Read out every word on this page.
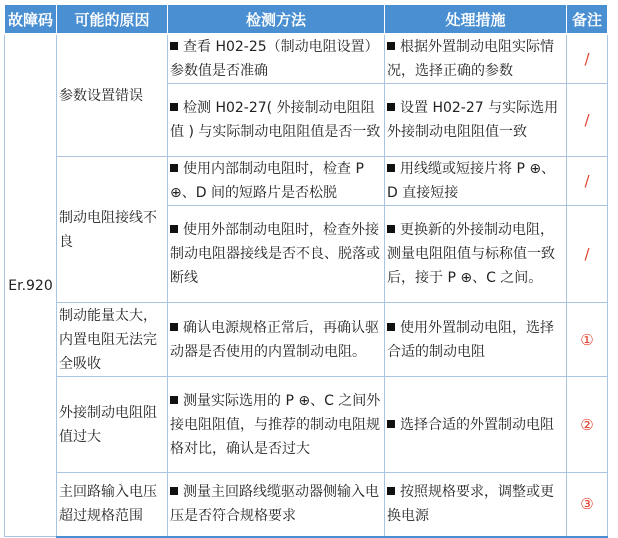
故障码	可能的原因	检测方法	处理措施	备注
Er.920	参数设置错误	查看 H02-25（制动电阻设置）参数值是否准确	根据外置制动电阻实际情况，选择正确的参数	/
		检测 H02-27( 外接制动电阻阻值 ) 与实际制动电阻阻值是否一致	设置 H02-27 与实际选用外接制动电阻阻值一致	/
	制动电阻接线不良	使用内部制动电阻时，检查 P ⊕、D 间的短路片是否松脱	用线缆或短接片将 P ⊕、D 直接短接	/
		使用外部制动电阻时，检查外接制动电阻器接线是否不良、脱落或断线	更换新的外接制动电阻，测量电阻阻值与标称值一致后，接于 P ⊕、C 之间。	/
	制动能量太大，内置电阻无法完全吸收	确认电源规格正常后，再确认驱动器是否使用的内置制动电阻。	使用外置制动电阻，选择合适的制动电阻	①
	外接制动电阻阻值过大	测量实际选用的 P ⊕、C 之间外接电阻阻值，与推荐的制动电阻规格对比，确认是否过大	选择合适的外置制动电阻	②
	主回路输入电压超过规格范围	测量主回路线缆驱动器侧输入电压是否符合规格要求	按照规格要求，调整或更换电源	③
